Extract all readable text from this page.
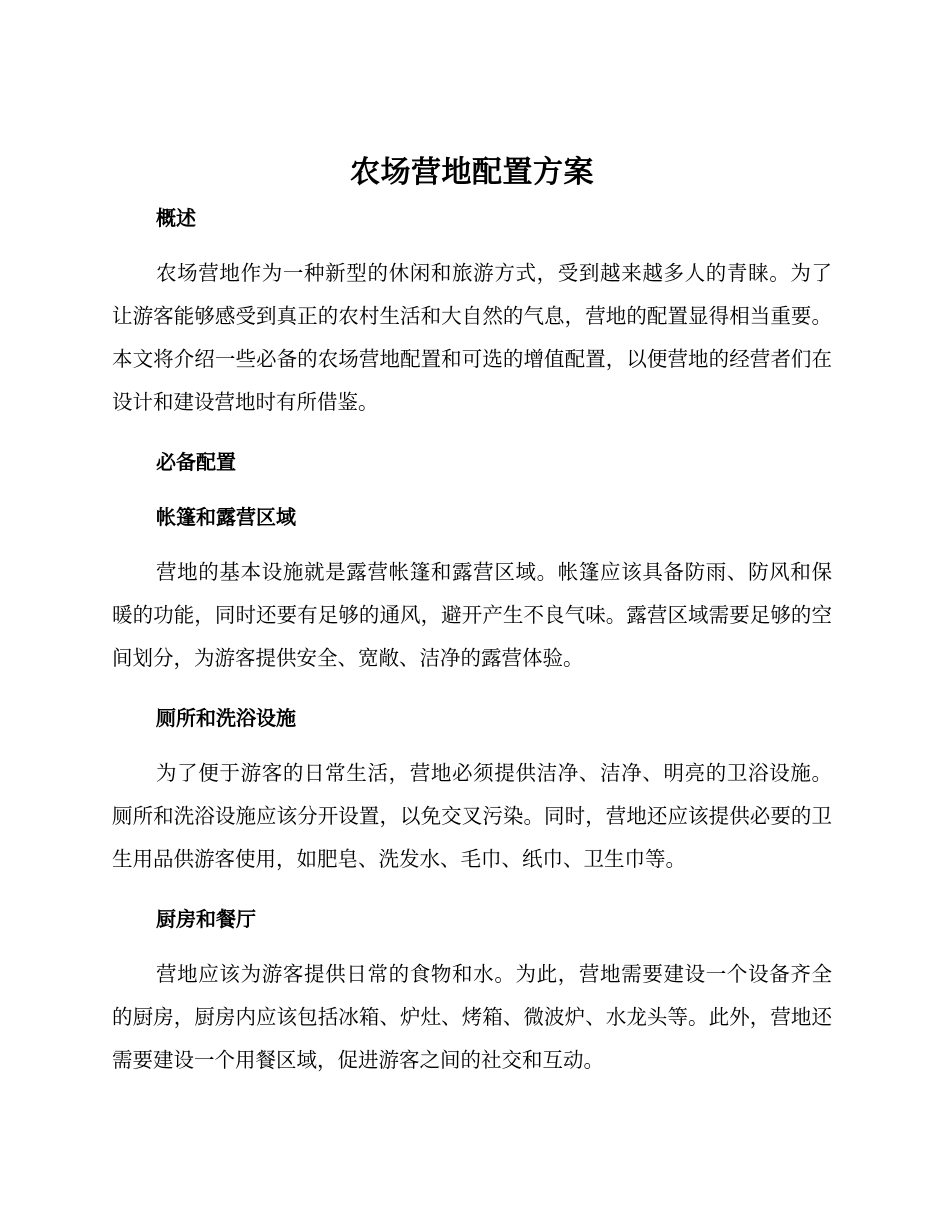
农场营地配置方案
概述

农场营地作为一种新型的休闲和旅游方式，受到越来越多人的青睐。为了让游客能够感受到真正的农村生活和大自然的气息，营地的配置显得相当重要。本文将介绍一些必备的农场营地配置和可选的增值配置，以便营地的经营者们在设计和建设营地时有所借鉴。

必备配置
帐篷和露营区域

营地的基本设施就是露营帐篷和露营区域。帐篷应该具备防雨、防风和保暖的功能，同时还要有足够的通风，避开产生不良气味。露营区域需要足够的空间划分，为游客提供安全、宽敞、洁净的露营体验。

厕所和洗浴设施

为了便于游客的日常生活，营地必须提供洁净、洁净、明亮的卫浴设施。厕所和洗浴设施应该分开设置，以免交叉污染。同时，营地还应该提供必要的卫生用品供游客使用，如肥皂、洗发水、毛巾、纸巾、卫生巾等。

厨房和餐厅

营地应该为游客提供日常的食物和水。为此，营地需要建设一个设备齐全的厨房，厨房内应该包括冰箱、炉灶、烤箱、微波炉、水龙头等。此外，营地还需要建设一个用餐区域，促进游客之间的社交和互动。
